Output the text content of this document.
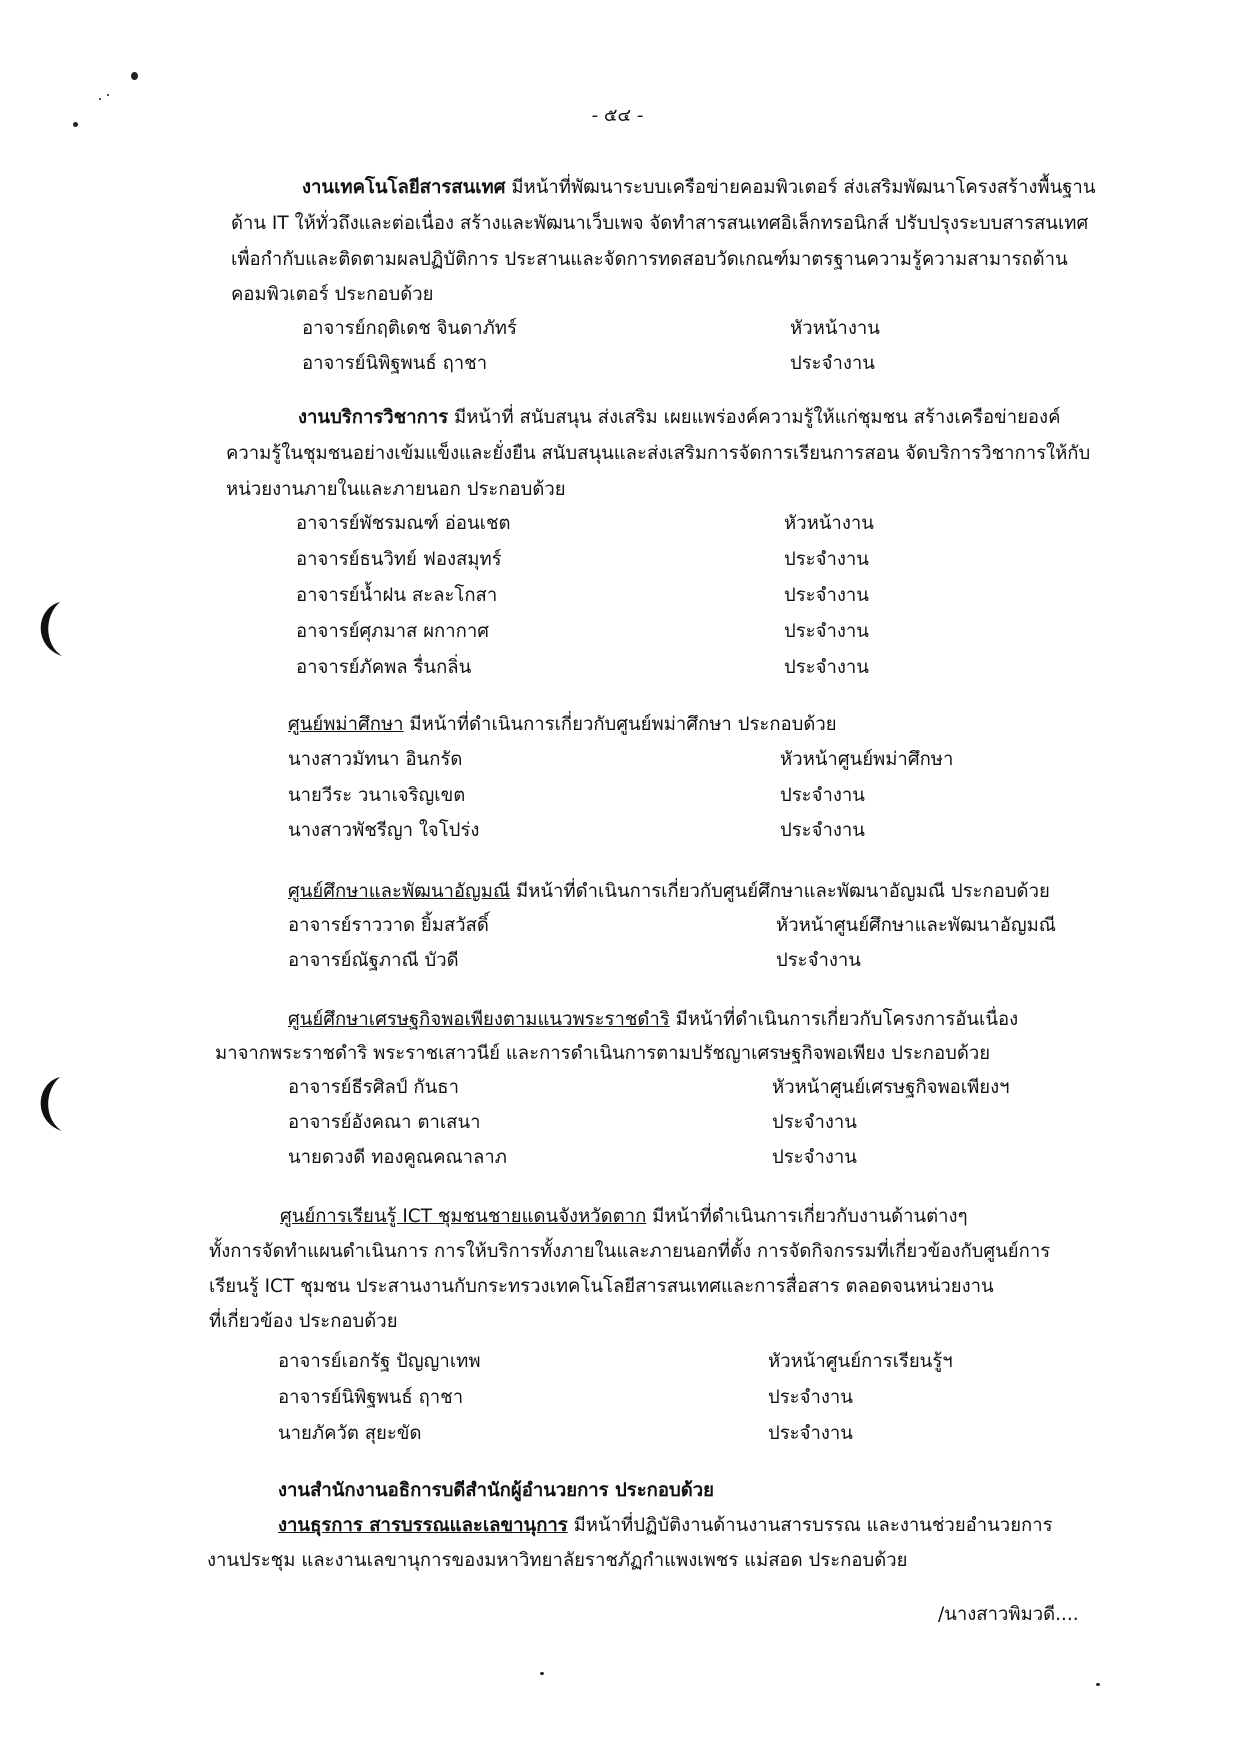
- ๕๔ -
งานเทคโนโลยีสารสนเทศ มีหน้าที่พัฒนาระบบเครือข่ายคอมพิวเตอร์ ส่งเสริมพัฒนาโครงสร้างพื้นฐาน
ด้าน IT ให้ทั่วถึงและต่อเนื่อง สร้างและพัฒนาเว็บเพจ จัดทำสารสนเทศอิเล็กทรอนิกส์ ปรับปรุงระบบสารสนเทศ
เพื่อกำกับและติดตามผลปฏิบัติการ ประสานและจัดการทดสอบวัดเกณฑ์มาตรฐานความรู้ความสามารถด้าน
คอมพิวเตอร์ ประกอบด้วย
อาจารย์กฤติเดช จินดาภัทร์	หัวหน้างาน
อาจารย์นิพิฐพนธ์ ฤาชา	ประจำงาน
งานบริการวิชาการ มีหน้าที่ สนับสนุน ส่งเสริม เผยแพร่องค์ความรู้ให้แก่ชุมชน สร้างเครือข่ายองค์
ความรู้ในชุมชนอย่างเข้มแข็งและยั่งยืน สนับสนุนและส่งเสริมการจัดการเรียนการสอน จัดบริการวิชาการให้กับ
หน่วยงานภายในและภายนอก ประกอบด้วย
อาจารย์พัชรมณฑ์ อ่อนเชต	หัวหน้างาน
อาจารย์ธนวิทย์ ฟองสมุทร์	ประจำงาน
อาจารย์น้ำฝน สะละโกสา	ประจำงาน
อาจารย์ศุภมาส ผกากาศ	ประจำงาน
อาจารย์ภัคพล รื่นกลิ่น	ประจำงาน
ศูนย์พม่าศึกษา มีหน้าที่ดำเนินการเกี่ยวกับศูนย์พม่าศึกษา ประกอบด้วย
นางสาวมัทนา อินกรัด	หัวหน้าศูนย์พม่าศึกษา
นายวีระ วนาเจริญเขต	ประจำงาน
นางสาวพัชรีญา ใจโปร่ง	ประจำงาน
ศูนย์ศึกษาและพัฒนาอัญมณี มีหน้าที่ดำเนินการเกี่ยวกับศูนย์ศึกษาและพัฒนาอัญมณี ประกอบด้วย
อาจารย์ราววาด ยิ้มสวัสดิ์	หัวหน้าศูนย์ศึกษาและพัฒนาอัญมณี
อาจารย์ณัฐภาณี บัวดี	ประจำงาน
ศูนย์ศึกษาเศรษฐกิจพอเพียงตามแนวพระราชดำริ มีหน้าที่ดำเนินการเกี่ยวกับโครงการอันเนื่อง
มาจากพระราชดำริ พระราชเสาวนีย์ และการดำเนินการตามปรัชญาเศรษฐกิจพอเพียง ประกอบด้วย
อาจารย์ธีรศิลป์ กันธา	หัวหน้าศูนย์เศรษฐกิจพอเพียงฯ
อาจารย์อังคณา ตาเสนา	ประจำงาน
นายดวงดี ทองคูณคณาลาภ	ประจำงาน
ศูนย์การเรียนรู้ ICT ชุมชนชายแดนจังหวัดตาก มีหน้าที่ดำเนินการเกี่ยวกับงานด้านต่างๆ
ทั้งการจัดทำแผนดำเนินการ การให้บริการทั้งภายในและภายนอกที่ตั้ง การจัดกิจกรรมที่เกี่ยวข้องกับศูนย์การ
เรียนรู้ ICT ชุมชน ประสานงานกับกระทรวงเทคโนโลยีสารสนเทศและการสื่อสาร ตลอดจนหน่วยงาน
ที่เกี่ยวข้อง ประกอบด้วย
อาจารย์เอกรัฐ ปัญญาเทพ	หัวหน้าศูนย์การเรียนรู้ฯ
อาจารย์นิพิฐพนธ์ ฤาชา	ประจำงาน
นายภัควัต สุยะขัด	ประจำงาน
งานสำนักงานอธิการบดีสำนักผู้อำนวยการ ประกอบด้วย
งานธุรการ สารบรรณและเลขานุการ มีหน้าที่ปฏิบัติงานด้านงานสารบรรณ และงานช่วยอำนวยการ
งานประชุม และงานเลขานุการของมหาวิทยาลัยราชภัฏกำแพงเพชร แม่สอด ประกอบด้วย
/นางสาวพิมวดี....
